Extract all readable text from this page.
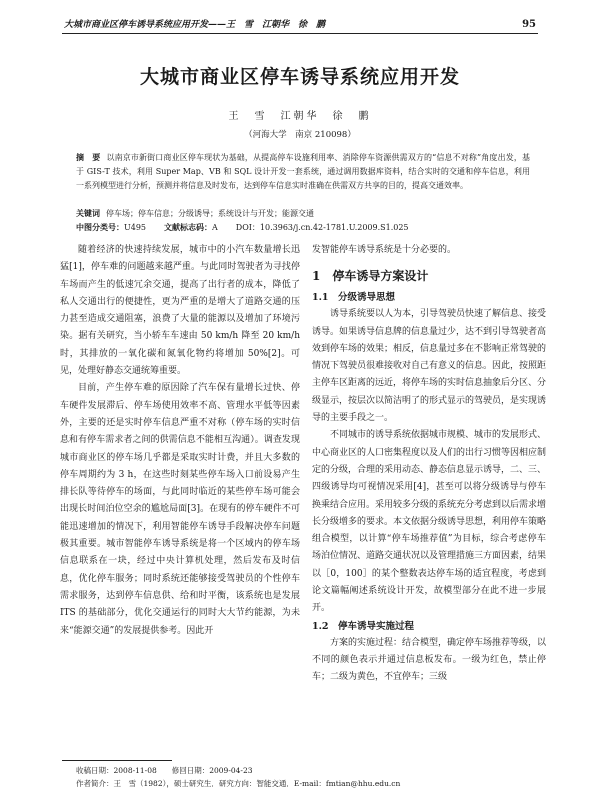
大城市商业区停车诱导系统应用开发——王　雪　江朝华　徐　鹏	95
大城市商业区停车诱导系统应用开发
王　雪　江朝华　徐　鹏
（河海大学　南京 210098）
摘　要 以南京市新街口商业区停车现状为基础，从提高停车设施利用率、消除停车资源供需双方的“信息不对称”角度出发，基于 GIS-T 技术，利用 Super Map、VB 和 SQL 设计开发一套系统，通过调用数据库资料，结合实时的交通和停车信息，利用一系列模型进行分析，预测并将信息及时发布，达到停车信息实时准确在供需双方共享的目的，提高交通效率。
关键词 停车场；停车信息；分级诱导；系统设计与开发；能源交通
中图分类号：U495 文献标志码：A DOI：10.3963/j.cn.42-1781.U.2009.S1.025

随着经济的快速持续发展，城市中的小汽车数量增长迅猛[1]，停车难的问题越来越严重。与此同时驾驶者为寻找停车场而产生的低速冗余交通，提高了出行者的成本，降低了私人交通出行的便捷性，更为严重的是增大了道路交通的压力甚至造成交通阻塞，浪费了大量的能源以及增加了环境污染。据有关研究，当小轿车车速由 50 km/h 降至 20 km/h 时，其排放的一氧化碳和氮氧化物约将增加 50%[2]。可见，处理好静态交通统筹重要。

目前，产生停车难的原因除了汽车保有量增长过快、停车硬件发展滞后、停车场使用效率不高、管理水平低等因素外，主要的还是实时停车信息严重不对称（停车场的实时信息和有停车需求者之间的供需信息不能相互沟通）。调查发现城市商业区的停车场几乎都是采取实时计费，并且大多数的停车周期约为 3 h，在这些时刻某些停车场入口前设易产生排长队等待停车的场面，与此同时临近的某些停车场可能会出现长时间泊位空余的尴尬局面[3]。在现有的停车硬件不可能迅速增加的情况下，利用智能停车诱导手段解决停车问题极其重要。城市智能停车诱导系统是将一个区域内的停车场信息联系在一块，经过中央计算机处理，然后发布及时信息，优化停车服务；同时系统还能够接受驾驶员的个性停车需求服务，达到停车信息供、给和时平衡，该系统也是发展 ITS 的基础部分，优化交通运行的同时大大节约能源，为未来“能源交通”的发展提供参考。因此开

发智能停车诱导系统是十分必要的。

1　停车诱导方案设计
1.1　分级诱导思想

诱导系统要以人为本，引导驾驶员快速了解信息、接受诱导。如果诱导信息牌的信息量过少，达不到引导驾驶者高效到停车场的效果；相反，信息量过多在不影响正常驾驶的情况下驾驶员很难接收对自己有意义的信息。因此，按照距主停车区距离的远近，将停车场的实时信息抽象后分区、分级显示，按层次以简洁明了的形式显示的驾驶员，是实现诱导的主要手段之一。

不同城市的诱导系统依据城市规模、城市的发展形式、中心商业区的人口密集程度以及人们的出行习惯等因相应制定的分级，合理的采用动态、静态信息显示诱导，二、三、四级诱导均可视情况采用[4]，甚至可以将分级诱导与停车换乘结合应用。采用较多分级的系统充分考虑到以后需求增长分级增多的要求。本文依据分级诱导思想，利用停车策略组合模型，以计算“停车场推荐值”为目标，综合考虑停车场泊位情况、道路交通状况以及管理措施三方面因素，结果以［0，100］的某个整数表达停车场的适宜程度，考虑到论文篇幅阐述系统设计开发，故模型部分在此不进一步展开。

1.2　停车诱导实施过程

方案的实施过程：结合模型，确定停车场推荐等级，以不同的颜色表示并通过信息板发布。一级为红色，禁止停车；二级为黄色，不宜停车；三级

收稿日期：2008-11-08　　修回日期：2009-04-23
作者简介：王　雪（1982），硕士研究生．研究方向：智能交通．E-mail：fmtian@hhu.edu.cn
